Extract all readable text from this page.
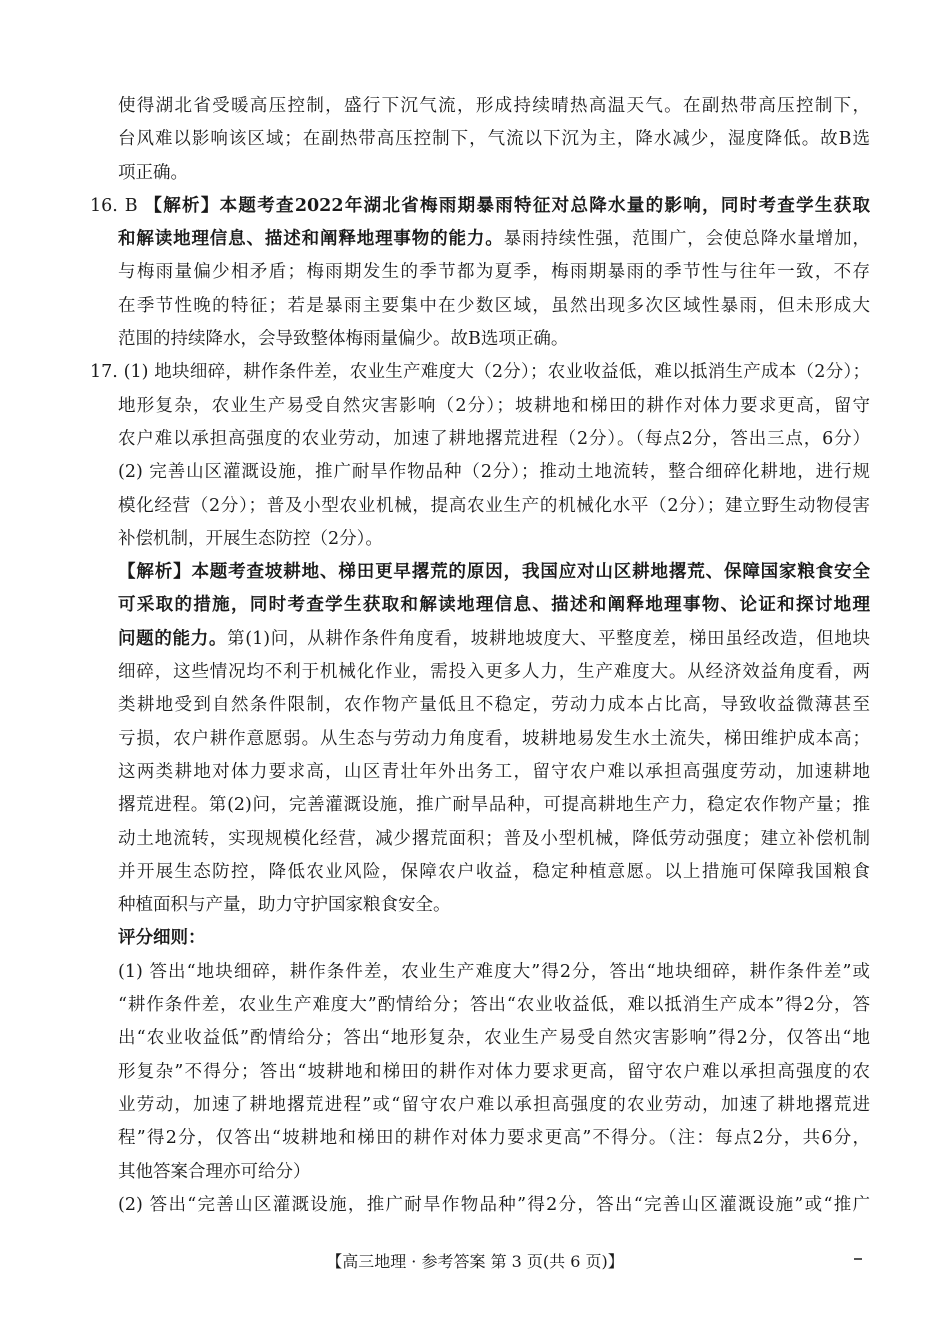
使得湖北省受暖高压控制，盛行下沉气流，形成持续晴热高温天气。在副热带高压控制下，
台风难以影响该区域；在副热带高压控制下，气流以下沉为主，降水减少，湿度降低。故B选
项正确。
16. B 【解析】本题考查2022年湖北省梅雨期暴雨特征对总降水量的影响，同时考查学生获取
和解读地理信息、描述和阐释地理事物的能力。暴雨持续性强，范围广，会使总降水量增加，
与梅雨量偏少相矛盾；梅雨期发生的季节都为夏季，梅雨期暴雨的季节性与往年一致，不存
在季节性晚的特征；若是暴雨主要集中在少数区域，虽然出现多次区域性暴雨，但未形成大
范围的持续降水，会导致整体梅雨量偏少。故B选项正确。
17. (1) 地块细碎，耕作条件差，农业生产难度大（2分）；农业收益低，难以抵消生产成本（2分）；
地形复杂，农业生产易受自然灾害影响（2分）；坡耕地和梯田的耕作对体力要求更高，留守
农户难以承担高强度的农业劳动，加速了耕地撂荒进程（2分）。（每点2分，答出三点，6分）
(2) 完善山区灌溉设施，推广耐旱作物品种（2分）；推动土地流转，整合细碎化耕地，进行规
模化经营（2分）；普及小型农业机械，提高农业生产的机械化水平（2分）；建立野生动物侵害
补偿机制，开展生态防控（2分）。
【解析】本题考查坡耕地、梯田更早撂荒的原因，我国应对山区耕地撂荒、保障国家粮食安全
可采取的措施，同时考查学生获取和解读地理信息、描述和阐释地理事物、论证和探讨地理
问题的能力。第(1)问，从耕作条件角度看，坡耕地坡度大、平整度差，梯田虽经改造，但地块
细碎，这些情况均不利于机械化作业，需投入更多人力，生产难度大。从经济效益角度看，两
类耕地受到自然条件限制，农作物产量低且不稳定，劳动力成本占比高，导致收益微薄甚至
亏损，农户耕作意愿弱。从生态与劳动力角度看，坡耕地易发生水土流失，梯田维护成本高；
这两类耕地对体力要求高，山区青壮年外出务工，留守农户难以承担高强度劳动，加速耕地
撂荒进程。第(2)问，完善灌溉设施，推广耐旱品种，可提高耕地生产力，稳定农作物产量；推
动土地流转，实现规模化经营，减少撂荒面积；普及小型机械，降低劳动强度；建立补偿机制
并开展生态防控，降低农业风险，保障农户收益，稳定种植意愿。以上措施可保障我国粮食
种植面积与产量，助力守护国家粮食安全。
评分细则：
(1) 答出“地块细碎，耕作条件差，农业生产难度大”得2分，答出“地块细碎，耕作条件差”或
“耕作条件差，农业生产难度大”酌情给分；答出“农业收益低，难以抵消生产成本”得2分，答
出“农业收益低”酌情给分；答出“地形复杂，农业生产易受自然灾害影响”得2分，仅答出“地
形复杂”不得分；答出“坡耕地和梯田的耕作对体力要求更高，留守农户难以承担高强度的农
业劳动，加速了耕地撂荒进程”或“留守农户难以承担高强度的农业劳动，加速了耕地撂荒进
程”得2分，仅答出“坡耕地和梯田的耕作对体力要求更高”不得分。（注：每点2分，共6分，
其他答案合理亦可给分）
(2) 答出“完善山区灌溉设施，推广耐旱作物品种”得2分，答出“完善山区灌溉设施”或“推广
【高三地理 · 参考答案 第 3 页(共 6 页)】
